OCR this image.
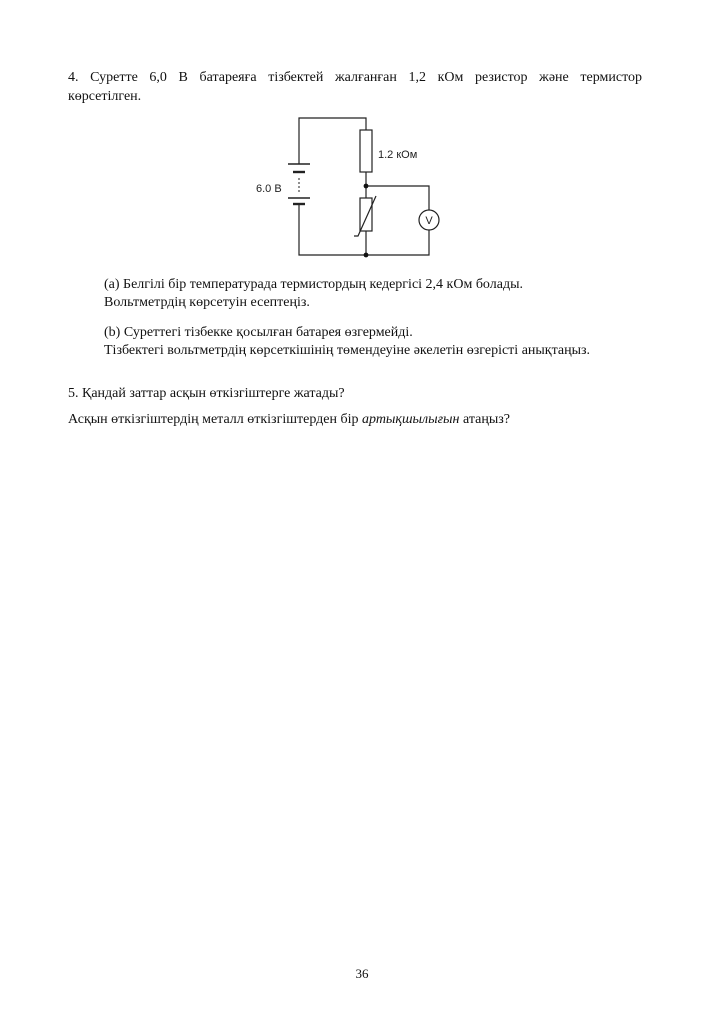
4. Суретте 6,0 В батареяға тізбектей жалғанған 1,2 кОм резистор және термистор

көрсетілген.

6.0 В
1.2 кОм
V

(а) Белгілі бір температурада термистордың кедергісі 2,4 кОм болады.

Вольтметрдің көрсетуін есептеңіз.

(b) Суреттегі тізбекке қосылған батарея өзгермейді.

Тізбектегі вольтметрдің көрсеткішінің төмендеуіне әкелетін өзгерісті анықтаңыз.

5. Қандай заттар асқын өткізгіштерге жатады?

Асқын өткізгіштердің металл өткізгіштерден бір артықшылығын атаңыз?

36
